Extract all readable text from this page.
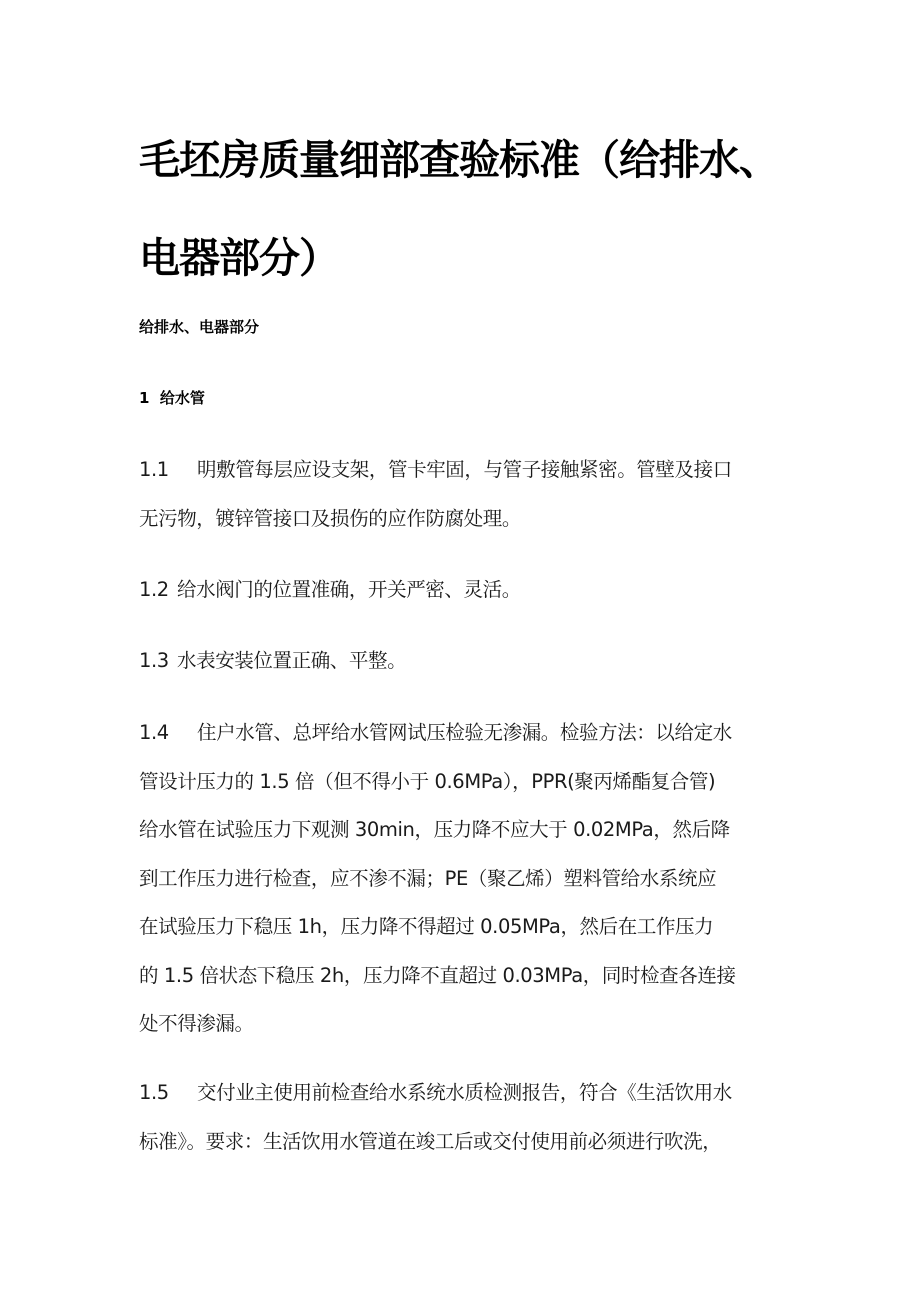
毛坯房质量细部查验标准（给排水、
电器部分）
给排水、电器部分
1  给水管
1.1 明敷管每层应设支架，管卡牢固，与管子接触紧密。管壁及接口
无污物，镀锌管接口及损伤的应作防腐处理。
1.2 给水阀门的位置准确，开关严密、灵活。
1.3 水表安装位置正确、平整。
1.4 住户水管、总坪给水管网试压检验无渗漏。检验方法：以给定水
管设计压力的 1.5 倍（但不得小于 0.6MPa），PPR(聚丙烯酯复合管)
给水管在试验压力下观测 30min，压力降不应大于 0.02MPa，然后降
到工作压力进行检查，应不渗不漏；PE（聚乙烯）塑料管给水系统应
在试验压力下稳压 1h，压力降不得超过 0.05MPa，然后在工作压力
的 1.5 倍状态下稳压 2h，压力降不直超过 0.03MPa，同时检查各连接
处不得渗漏。
1.5 交付业主使用前检查给水系统水质检测报告，符合《生活饮用水
标准》。要求：生活饮用水管道在竣工后或交付使用前必须进行吹洗，
